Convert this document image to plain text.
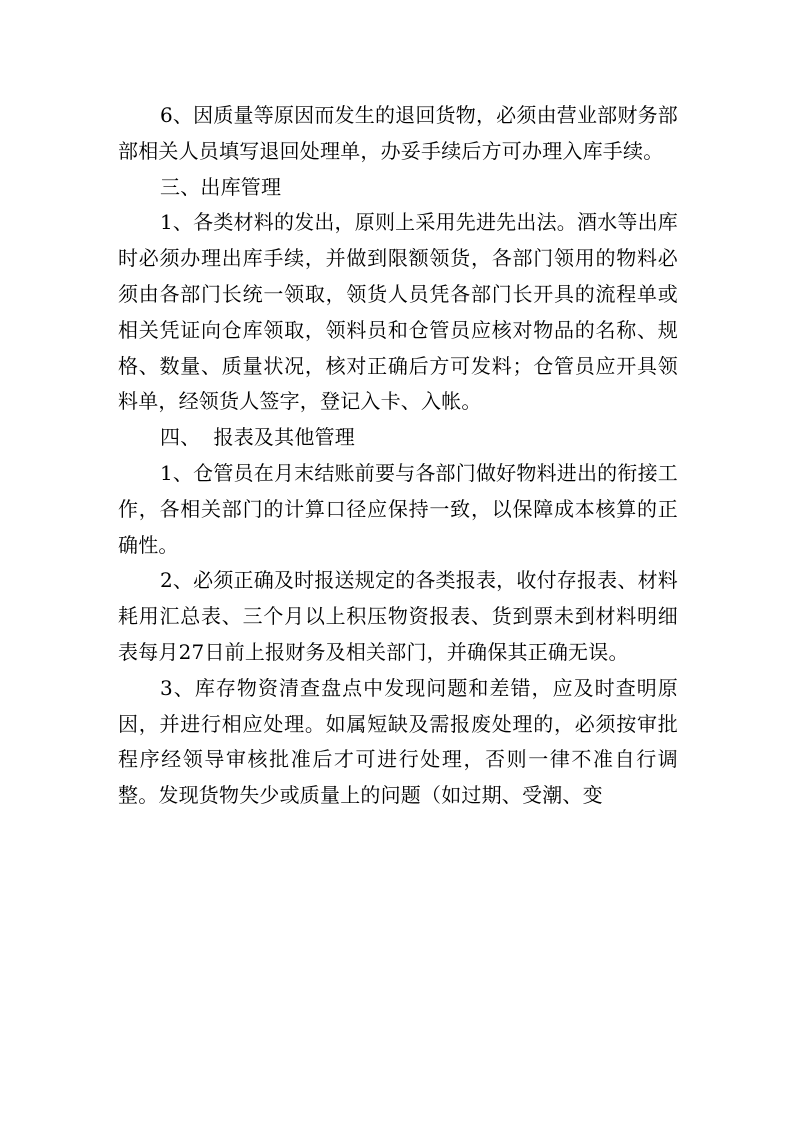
6、因质量等原因而发生的退回货物，必须由营业部财务部部相关人员填写退回处理单，办妥手续后方可办理入库手续。

三、出库管理

1、各类材料的发出，原则上采用先进先出法。酒水等出库时必须办理出库手续，并做到限额领货，各部门领用的物料必须由各部门长统一领取，领货人员凭各部门长开具的流程单或相关凭证向仓库领取，领料员和仓管员应核对物品的名称、规格、数量、质量状况，核对正确后方可发料；仓管员应开具领料单，经领货人签字，登记入卡、入帐。

四、  报表及其他管理

1、仓管员在月末结账前要与各部门做好物料进出的衔接工作，各相关部门的计算口径应保持一致，以保障成本核算的正确性。

2、必须正确及时报送规定的各类报表，收付存报表、材料耗用汇总表、三个月以上积压物资报表、货到票未到材料明细表每月27日前上报财务及相关部门，并确保其正确无误。

3、库存物资清查盘点中发现问题和差错，应及时查明原因，并进行相应处理。如属短缺及需报废处理的，必须按审批程序经领导审核批准后才可进行处理，否则一律不准自行调整。发现货物失少或质量上的问题（如过期、受潮、变
